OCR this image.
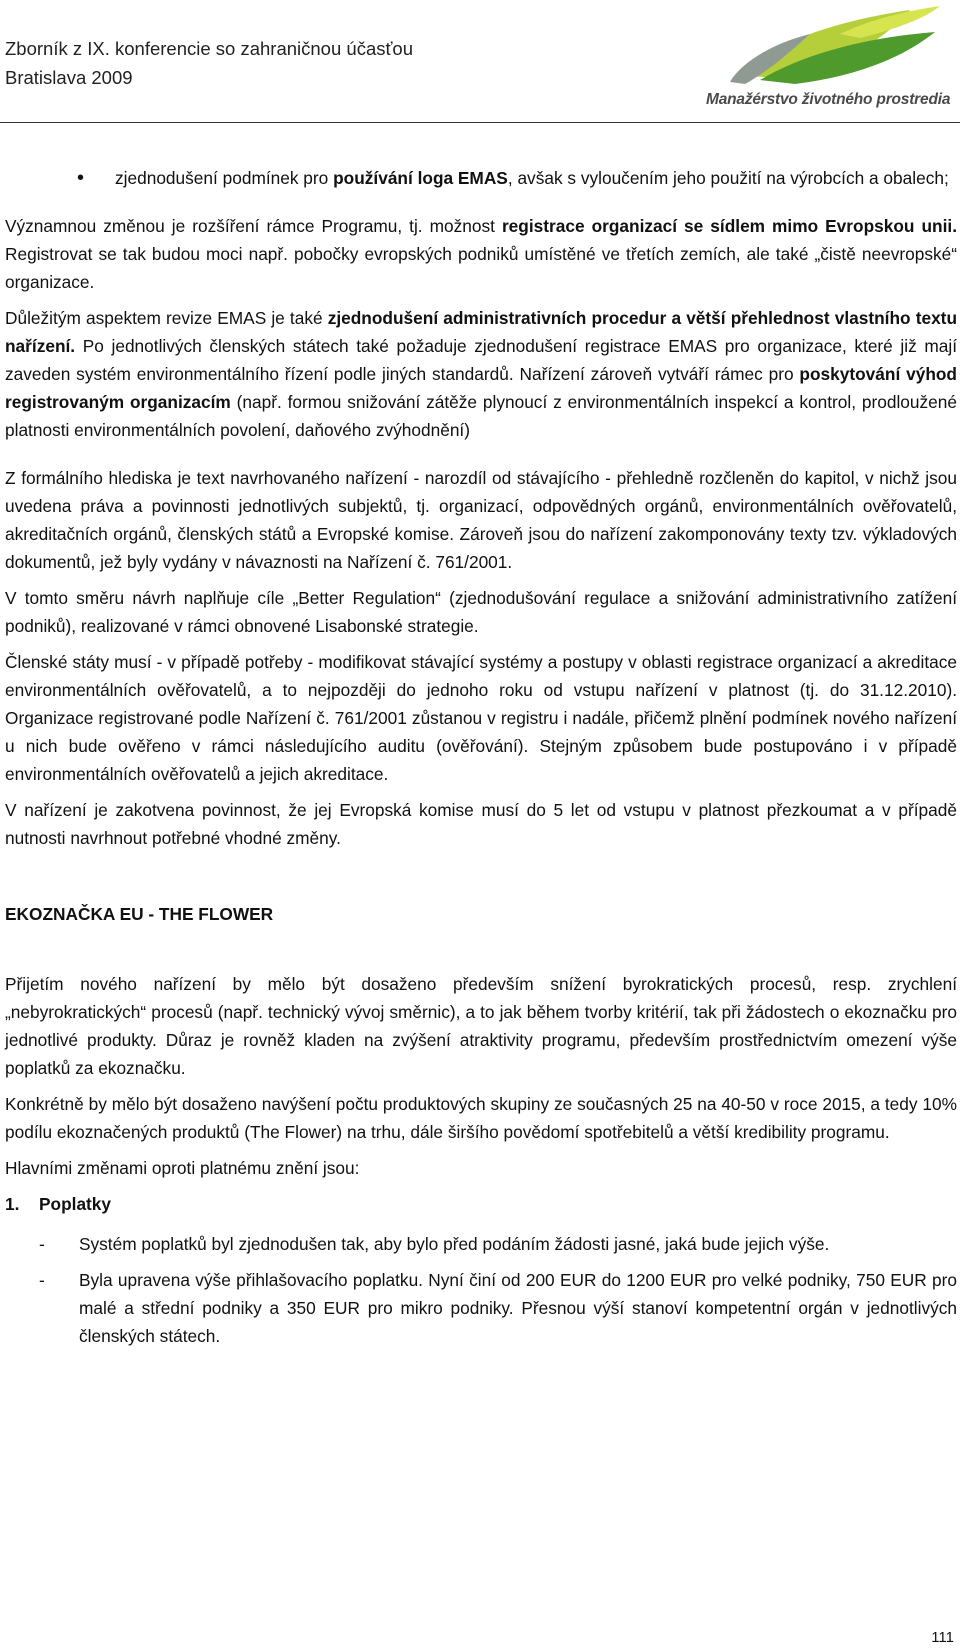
Zborník z IX. konferencie so zahraničnou účasťou
Bratislava 2009
Manažérstvo životného prostredia
• zjednodušení podmínek pro používání loga EMAS, avšak s vyloučením jeho použití na výrobcích a obalech;

Významnou změnou je rozšíření rámce Programu, tj. možnost registrace organizací se sídlem mimo Evropskou unii. Registrovat se tak budou moci např. pobočky evropských podniků umístěné ve třetích zemích, ale také „čistě neevropské“ organizace.

Důležitým aspektem revize EMAS je také zjednodušení administrativních procedur a větší přehlednost vlastního textu nařízení. Po jednotlivých členských státech také požaduje zjednodušení registrace EMAS pro organizace, které již mají zaveden systém environmentálního řízení podle jiných standardů. Nařízení zároveň vytváří rámec pro poskytování výhod registrovaným organizacím (např. formou snižování zátěže plynoucí z environmentálních inspekcí a kontrol, prodloužené platnosti environmentálních povolení, daňového zvýhodnění)

Z formálního hlediska je text navrhovaného nařízení - narozdíl od stávajícího - přehledně rozčleněn do kapitol, v nichž jsou uvedena práva a povinnosti jednotlivých subjektů, tj. organizací, odpovědných orgánů, environmentálních ověřovatelů, akreditačních orgánů, členských států a Evropské komise. Zároveň jsou do nařízení zakomponovány texty tzv. výkladových dokumentů, jež byly vydány v návaznosti na Nařízení č. 761/2001.

V tomto směru návrh naplňuje cíle „Better Regulation“ (zjednodušování regulace a snižování administrativního zatížení podniků), realizované v rámci obnovené Lisabonské strategie.

Členské státy musí - v případě potřeby - modifikovat stávající systémy a postupy v oblasti registrace organizací a akreditace environmentálních ověřovatelů, a to nejpozději do jednoho roku od vstupu nařízení v platnost (tj. do 31.12.2010). Organizace registrované podle Nařízení č. 761/2001 zůstanou v registru i nadále, přičemž plnění podmínek nového nařízení u nich bude ověřeno v rámci následujícího auditu (ověřování). Stejným způsobem bude postupováno i v případě environmentálních ověřovatelů a jejich akreditace.

V nařízení je zakotvena povinnost, že jej Evropská komise musí do 5 let od vstupu v platnost přezkoumat a v případě nutnosti navrhnout potřebné vhodné změny.

EKOZNAČKA EU - THE FLOWER

Přijetím nového nařízení by mělo být dosaženo především snížení byrokratických procesů, resp. zrychlení „nebyrokratických“ procesů (např. technický vývoj směrnic), a to jak během tvorby kritérií, tak při žádostech o ekoznačku pro jednotlivé produkty. Důraz je rovněž kladen na zvýšení atraktivity programu, především prostřednictvím omezení výše poplatků za ekoznačku.

Konkrétně by mělo být dosaženo navýšení počtu produktových skupiny ze současných 25 na 40-50 v roce 2015, a tedy 10% podílu ekoznačených produktů (The Flower) na trhu, dále širšího povědomí spotřebitelů a větší kredibility programu.

Hlavními změnami oproti platnému znění jsou:

1. Poplatky
- Systém poplatků byl zjednodušen tak, aby bylo před podáním žádosti jasné, jaká bude jejich výše.
- Byla upravena výše přihlašovacího poplatku. Nyní činí od 200 EUR do 1200 EUR pro velké podniky, 750 EUR pro malé a střední podniky a 350 EUR pro mikro podniky. Přesnou výší stanoví kompetentní orgán v jednotlivých členských státech.
111
